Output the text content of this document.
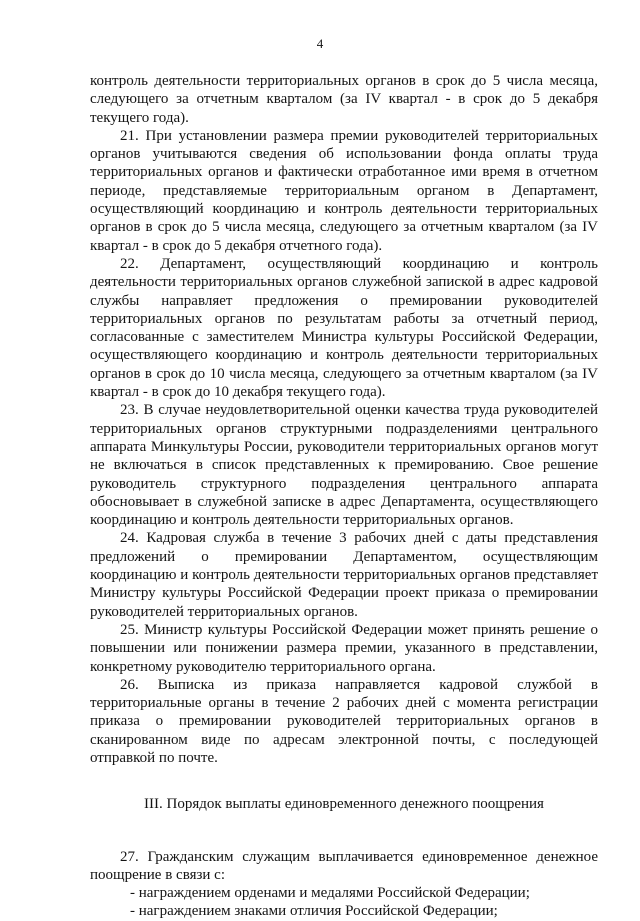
4

контроль деятельности территориальных органов в срок до 5 числа месяца, следующего за отчетным кварталом (за IV квартал - в срок до 5 декабря текущего года).

21. При установлении размера премии руководителей территориальных органов учитываются сведения об использовании фонда оплаты труда территориальных органов и фактически отработанное ими время в отчетном периоде, представляемые территориальным органом в Департамент, осуществляющий координацию и контроль деятельности территориальных органов в срок до 5 числа месяца, следующего за отчетным кварталом (за IV квартал - в срок до 5 декабря отчетного года).

22. Департамент, осуществляющий координацию и контроль деятельности территориальных органов служебной запиской в адрес кадровой службы направляет предложения о премировании руководителей территориальных органов по результатам работы за отчетный период, согласованные с заместителем Министра культуры Российской Федерации, осуществляющего координацию и контроль деятельности территориальных органов в срок до 10 числа месяца, следующего за отчетным кварталом (за IV квартал - в срок до 10 декабря текущего года).

23. В случае неудовлетворительной оценки качества труда руководителей территориальных органов структурными подразделениями центрального аппарата Минкультуры России, руководители территориальных органов могут не включаться в список представленных к премированию. Свое решение руководитель структурного подразделения центрального аппарата обосновывает в служебной записке в адрес Департамента, осуществляющего координацию и контроль деятельности территориальных органов.

24. Кадровая служба в течение 3 рабочих дней с даты представления предложений о премировании Департаментом, осуществляющим координацию и контроль деятельности территориальных органов представляет Министру культуры Российской Федерации проект приказа о премировании руководителей территориальных органов.

25. Министр культуры Российской Федерации может принять решение о повышении или понижении размера премии, указанного в представлении, конкретному руководителю территориального органа.

26. Выписка из приказа направляется кадровой службой в территориальные органы в течение 2 рабочих дней с момента регистрации приказа о премировании руководителей территориальных органов в сканированном виде по адресам электронной почты, с последующей отправкой по почте.

III. Порядок выплаты единовременного денежного поощрения

27. Гражданским служащим выплачивается единовременное денежное поощрение в связи с:

- награждением орденами и медалями Российской Федерации;

- награждением знаками отличия Российской Федерации;
